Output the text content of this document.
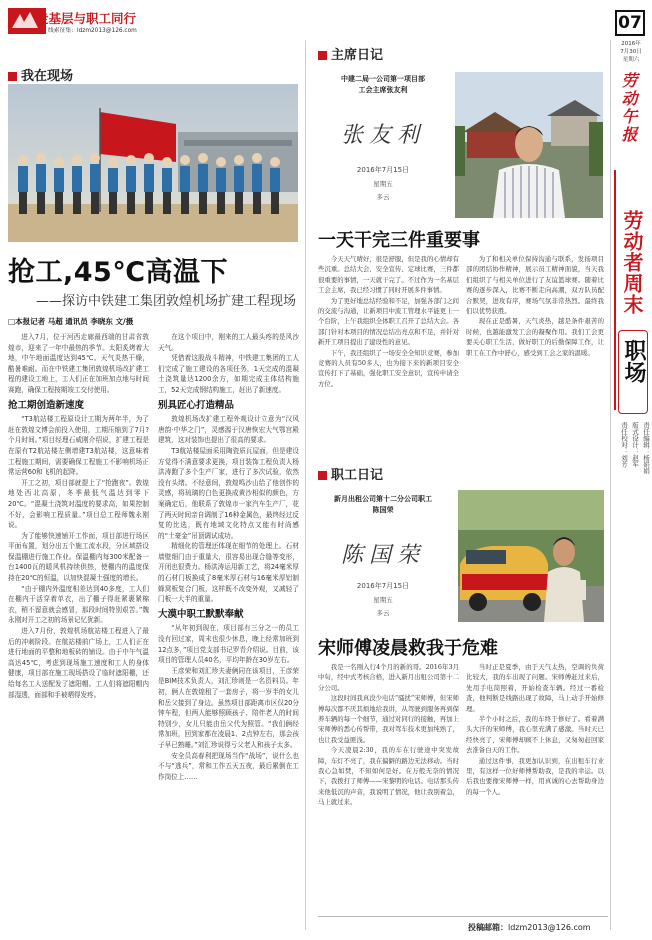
走基层与职工同行
线索征集：ldzm2013@126.com
我在现场
抢工,45℃高温下
——探访中铁建工集团敦煌机场扩建工程现场
□本报记者 马超 通讯员 李晓东 文/摄

进入7月，位于河西走廊最西端的甘肃省敦煌市，迎来了一年中最热的季节。太阳炙烤着大地，中午地面温度达到45℃。天气炎热干燥，酷暑难耐。而在中铁建工集团敦煌机场改扩建工程的建设工地上，工人们正在加班加点地与时间赛跑，确保工程按期竣工交付使用。

抢工期创造新速度

“T3航站楼工程原设计工期为两年半，为了赶在敦煌文博会前投入使用，工期压缩到了7月?个月时间。”项目经理石威刚介绍说，扩建工程是在原有T2航站楼左侧增建T3航站楼，这意味着工程施工期间，需要确保工程施工不影响机场正常运营60和飞机的起降。

开工之初，项目部就提上了“抢跑夜”。敦煌地处西北高原，冬季最低气温达到零下20℃。“混凝土浇筑对温度的要求高，如果控制不好，会影响工程质量。”项目总工程师魏永刚说。

为了能够快速铺开工作面，项目部进行场区平面布置，划分出五个施工流水段，分区域搭设保温棚进行施工作业。保温棚内每300米配备一台1400瓦的暖风机持续供热，使棚内的温度保持在20℃的恒温，以加快混凝土强度的增长。

“由于棚内外温度相差达到40多度，工人们在棚内干活穿着单衣，出了棚子得赶紧裹紧棉衣，稍不留意就会感冒，那段时间特别艰苦。”魏永刚对开工之初的场景记忆犹新。

进入7月份，敦煌机场航站楼工程进入了最后的冲刺阶段。在航站楼前广场上，工人们正在进行地面的平整和地板砖的铺设。由于中午气温高达45℃，考虑到现场施工速度和工人的身体健康，项目部在施工现场搭设了临时遮阳棚，还给每名工人送配发了遮阳帽。工人们将遮阳帽内部湿透，面部和手被晒得发疼。

在这个项目中，刚来的工人最头疼的是风沙天气。

凭借着这股战斗精神，中铁建工集团的工人们完成了施工建设的各项任务，1天完成的混凝土浇筑量达1200余方，如期完成主体结构施工，52天完成钢结构施工，赶出了新速度。

别具匠心打造精品

敦煌机场改扩建工程外观设计立意为“汉风唐韵·中华之门”，灵感源于汉唐恢宏大气鄂宫殿建筑，这对装饰也提出了很高的要求。

T3航站楼屋面采用陶瓷质瓦屋面，但是建设方觉得不满意要求更换，项目装饰工程负责人杨洪涛跑了多个生产厂家，进行了多次试验，依然没有头绪。不经意间，敦煌鸣沙山给了他创作的灵感，将琉璃的白色更换成黄沙相似的颜色，方案确定后，他联系了敦煌市一家汽车生产厂，花了两天时间亲自调制了16种金属色，最终经过反复的比选，既有地域文化特点又能有时尚感的“土豪金”吊顶调试成功。

精细化的管理还体现在细节的处理上。石材墙壁细门由于重量大，很容易出现合缝等变形，开闭也很费力。杨洪涛运用新工艺，将24毫米厚的石材门板换成了8毫米厚石材与16毫米厚铝制蜂窝板复合门板，这样既不改变外观，又减轻了门板一大半的重量。

大漠中职工默默奉献

“从年初到现在，项目部有三分之一的员工没有回过家，周末也很少休息，晚上经常加班到12点多，”项目党支部书记罗青介绍说。目前，该项目的管理人员40名，平均年龄在30岁左右。

王彦荣和刘汇珍夫妻俩同在该项目，王彦荣是BIM技术负责人，刘汇珍则是一名资料员。年初，俩人在敦煌租了一套房子，将一岁半的女儿和岳父接到了身边。虽然项目部距离市区仅20分钟车程，但两人能够照顾孩子、陪伴老人的时间特别少，女儿只能由岳父代为照管。“我们俩经常加班，回到家都在凌晨1、2点钟左右，那会孩子早已熟睡。”刘汇珍说得亏父老人和孩子太多。

安全员高春利把现场当作“战场”，说什么也不与“逃兵”，常和工作五天五夜，最后累倒在工作岗位上……

主席日记
中建二局一公司第一项目部
工会主席张友利
张友利
2016年7月15日
星期五
多云
一天干完三件重要事

今天天气晴好，很是舒服，但是我的心情却有些沉重。总结大会、安全宣传、定球比赛，三件都很重要的事情，一天就干完了。不过作为一名基层工会主席，我已经习惯了同时开展多件事情。

为了更好地总结经验和不足，加强各部门之间的交流与沟通，让新项目中流工管理水平能更上一个台阶，上午我组织全体职工召开了总结大会。各部门针对本项目的情况总结出亮点和不足，并针对新开工项目提出了建设性的意见。

下午，我还组织了一场安全全知识竞赛，参加竞赛的人员有50多人，也为接下来的新项目安全宣传打下了基础，强化职工安全意识，宣传申请全方位。

为了和相关单位保持沟通与联系，发扬项目部的团结协作精神，展示员工精神面貌，当天我们组织了与相关单位进行了友谊篮球赛。随着比赛的逐步深入，比赛不断走向高潮，双方队员配合默契，进攻有序，赛场气氛非常热烈。最终我们以优势获胜。

现在正是酷暑，天气炎热，越是条件艰苦的时候，也越能激发工会的凝聚作用。我们工会更要关心职工生活，做好职工的后勤保障工作，让职工在工作中舒心，感受到工会之家的温暖。

职工日记
新月出租公司第十二分公司职工
陈国荣
陈国荣
2016年7月15日
星期五
多云
宋师傅凌晨救我于危难

我是一名刚入行4个月的新的哥。2016年3月中旬，经中式考核合格，进入新月出租公司第十二分公司。

这段时间我真没少电话“骚扰”宋师傅，但宋师傅每次都不厌其烦地给我讲，从驾驶到服务再到保养车辆的每一个细节，通过对同行的接触，再加上宋师傅的悉心传帮带，我对驾车技术更加纯熟了，也让我受益匪浅。

今天凌晨2:30，我的车在行驶途中突发故障，车灯不亮了，我在偏僻的路边无法移动。当时我心急如焚，不知如何是好。在万般无奈的情况下，我拨打了师傅——宋黎明的电话。电话那头传来他低沉的声音，我说明了情况，他让我别着急，马上就过来。

当时正是夏季，由于天气太热，空调的负荷比较大，我的车出现了问题。宋师傅赶过来后，先用手电筒照着，开始检查车辆。经过一番检查，他判断是线路出现了故障，马上动手开始修理。

半个小时之后，我的车终于修好了。看着满头大汗的宋师傅，我心里充满了感激。当时天已经快亮了，宋师傅却顾不上休息，又匆匆赶回家去准备白天的工作。

通过这件事，我更加认识到，在出租车行业里，有这样一位好师傅帮助我，是我的幸运。以后我也要像宋师傅一样，用真诚的心去帮助身边的每一个人。

投稿邮箱：ldzm2013@126.com
07
2016年
7月30日
星期六
劳动午报
劳动者周末
职场
责任编辑：杨娟娟
版式设计：赵军
责任校对：刘芳
